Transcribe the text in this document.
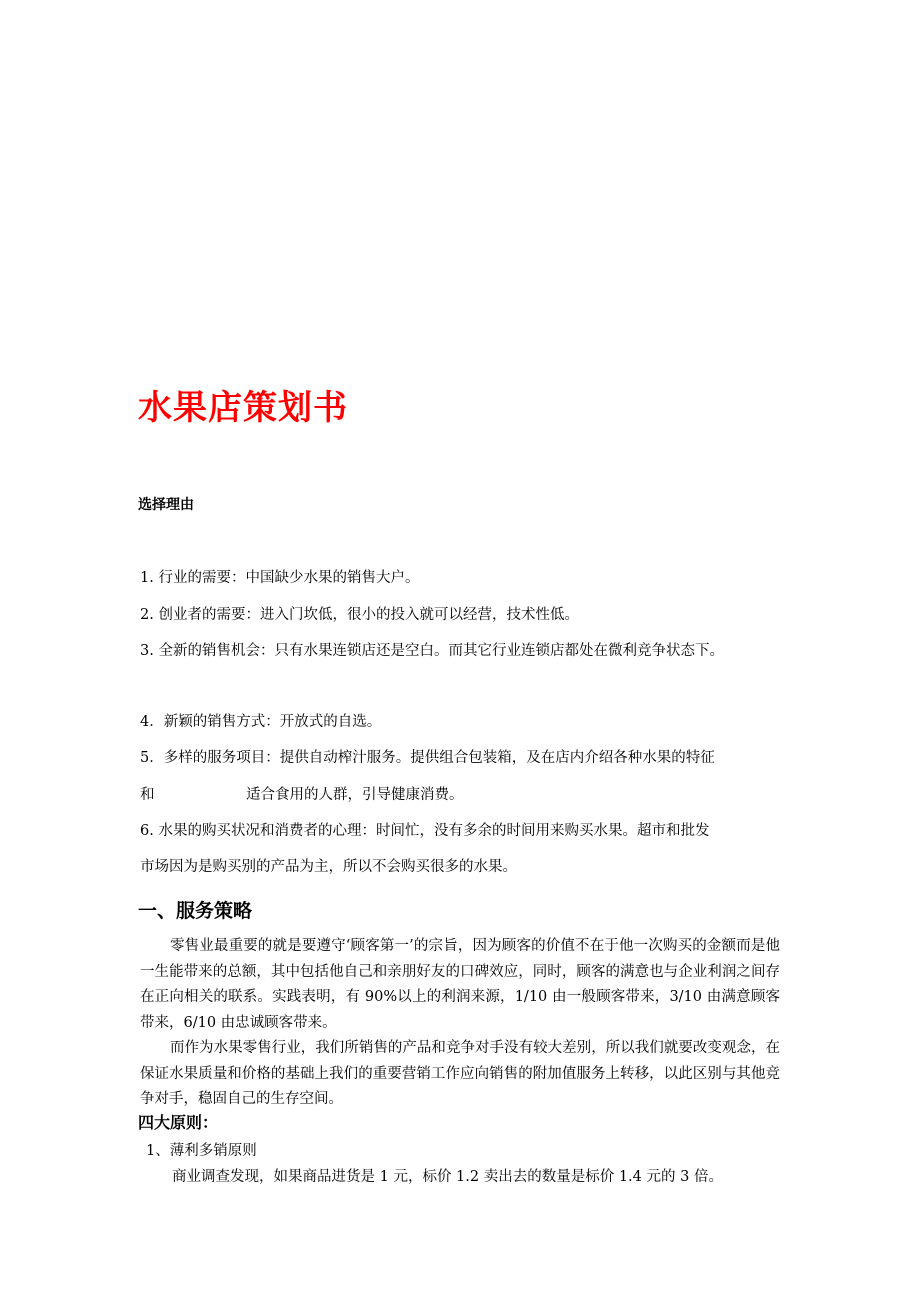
水果店策划书
选择理由
1. 行业的需要：中国缺少水果的销售大户。
2. 创业者的需要：进入门坎低，很小的投入就可以经营，技术性低。
3. 全新的销售机会：只有水果连锁店还是空白。而其它行业连锁店都处在微利竞争状态下。
4．新颖的销售方式：开放式的自选。
5．多样的服务项目：提供自动榨汁服务。提供组合包装箱，及在店内介绍各种水果的特征
和	适合食用的人群，引导健康消费。
6. 水果的购买状况和消费者的心理：时间忙，没有多余的时间用来购买水果。超市和批发
市场因为是购买别的产品为主，所以不会购买很多的水果。
一、服务策略

零售业最重要的就是要遵守‘顾客第一’的宗旨，因为顾客的价值不在于他一次购买的金额而是他一生能带来的总额，其中包括他自己和亲朋好友的口碑效应，同时，顾客的满意也与企业利润之间存在正向相关的联系。实践表明，有 90%以上的利润来源，1/10 由一般顾客带来，3/10 由满意顾客带来，6/10 由忠诚顾客带来。

而作为水果零售行业，我们所销售的产品和竞争对手没有较大差别，所以我们就要改变观念，在保证水果质量和价格的基础上我们的重要营销工作应向销售的附加值服务上转移，以此区别与其他竞争对手，稳固自己的生存空间。

四大原则：
1、薄利多销原则
商业调查发现，如果商品进货是 1 元，标价 1.2 卖出去的数量是标价 1.4 元的 3 倍。
